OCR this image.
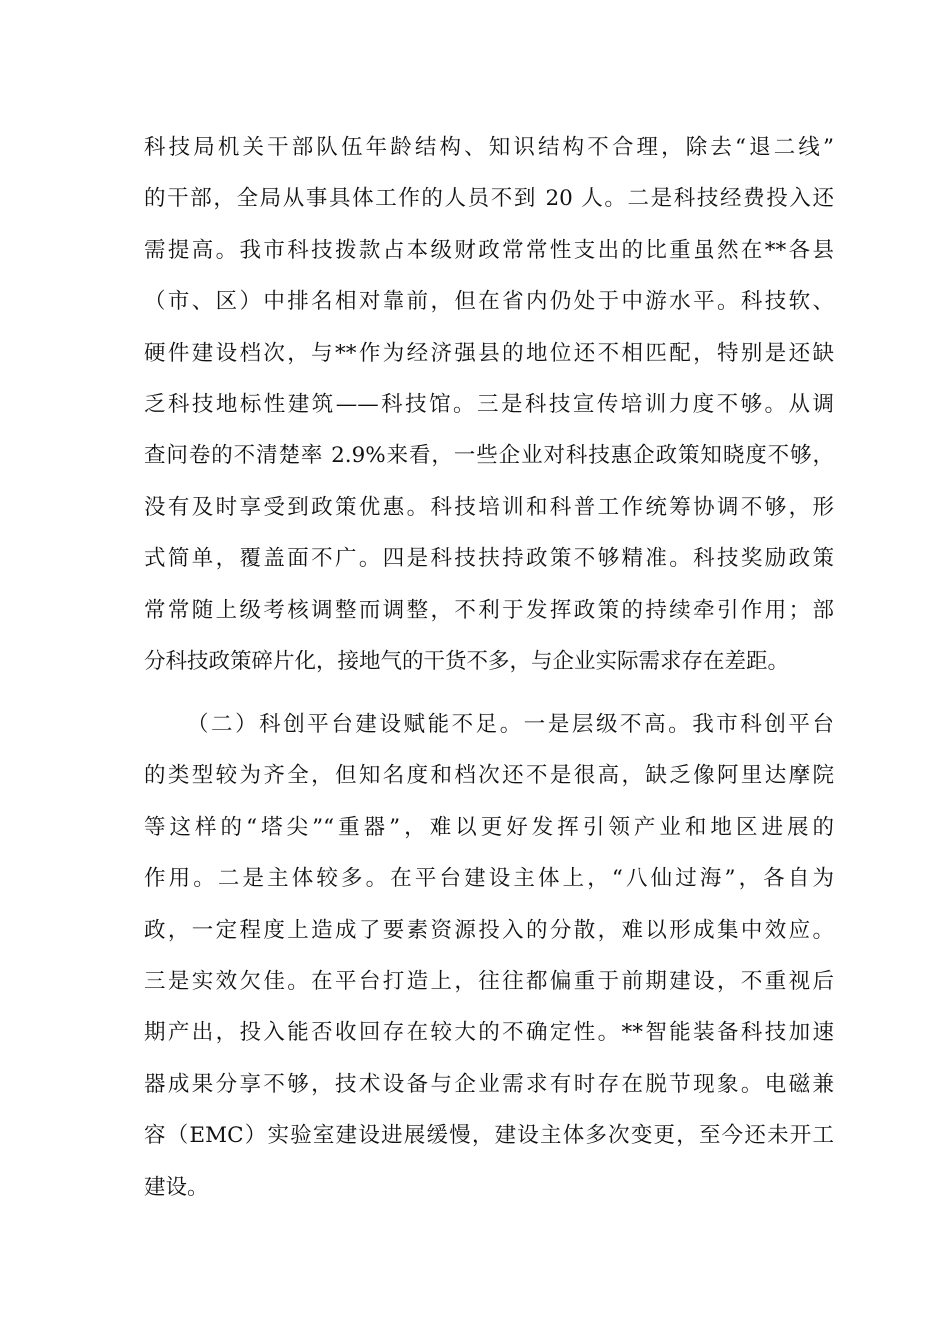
科技局机关干部队伍年龄结构、知识结构不合理，除去“退二线”
的干部，全局从事具体工作的人员不到 20 人。二是科技经费投入还
需提高。我市科技拨款占本级财政常常性支出的比重虽然在**各县
（市、区）中排名相对靠前，但在省内仍处于中游水平。科技软、
硬件建设档次，与**作为经济强县的地位还不相匹配，特别是还缺
乏科技地标性建筑——科技馆。三是科技宣传培训力度不够。从调
查问卷的不清楚率 2.9%来看，一些企业对科技惠企政策知晓度不够，
没有及时享受到政策优惠。科技培训和科普工作统筹协调不够，形
式简单，覆盖面不广。四是科技扶持政策不够精准。科技奖励政策
常常随上级考核调整而调整，不利于发挥政策的持续牵引作用；部
分科技政策碎片化，接地气的干货不多，与企业实际需求存在差距。
（二）科创平台建设赋能不足。一是层级不高。我市科创平台
的类型较为齐全，但知名度和档次还不是很高，缺乏像阿里达摩院
等这样的“塔尖”“重器”，难以更好发挥引领产业和地区进展的
作用。二是主体较多。在平台建设主体上，“八仙过海”，各自为
政，一定程度上造成了要素资源投入的分散，难以形成集中效应。
三是实效欠佳。在平台打造上，往往都偏重于前期建设，不重视后
期产出，投入能否收回存在较大的不确定性。**智能装备科技加速
器成果分享不够，技术设备与企业需求有时存在脱节现象。电磁兼
容（EMC）实验室建设进展缓慢，建设主体多次变更，至今还未开工
建设。
